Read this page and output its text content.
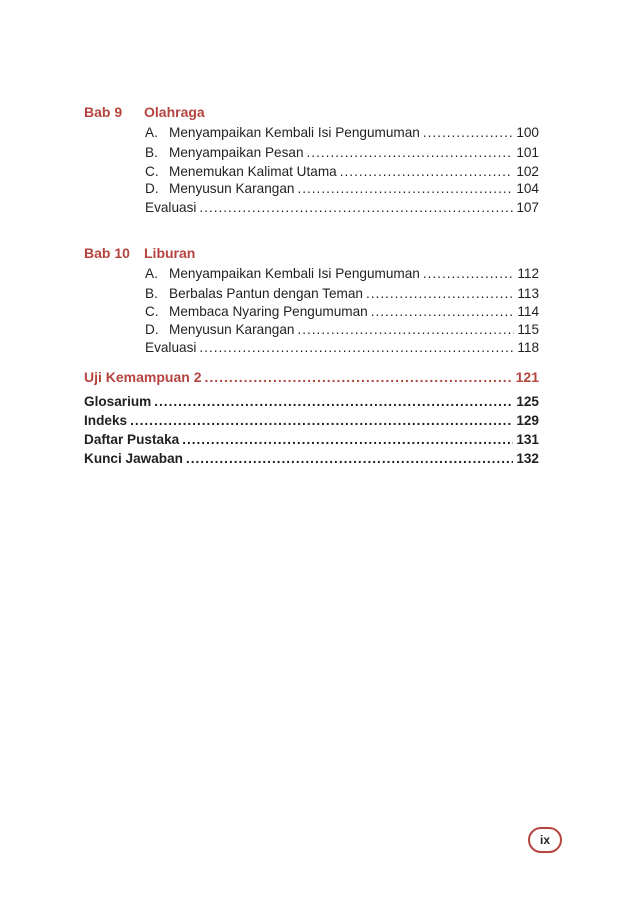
Bab 9 Olahraga
A. Menyampaikan Kembali Isi Pengumuman .....	100
B. Menyampaikan Pesan .....	101
C. Menemukan Kalimat Utama .....	102
D. Menyusun Karangan .....	104
Evaluasi .....	107
Bab 10 Liburan
A. Menyampaikan Kembali Isi Pengumuman .....	112
B. Berbalas Pantun dengan Teman .....	113
C. Membaca Nyaring Pengumuman .....	114
D. Menyusun Karangan .....	115
Evaluasi .....	118
Uji Kemampuan 2 .....	121
Glosarium .....	125
Indeks .....	129
Daftar Pustaka .....	131
Kunci Jawaban .....	132
ix
